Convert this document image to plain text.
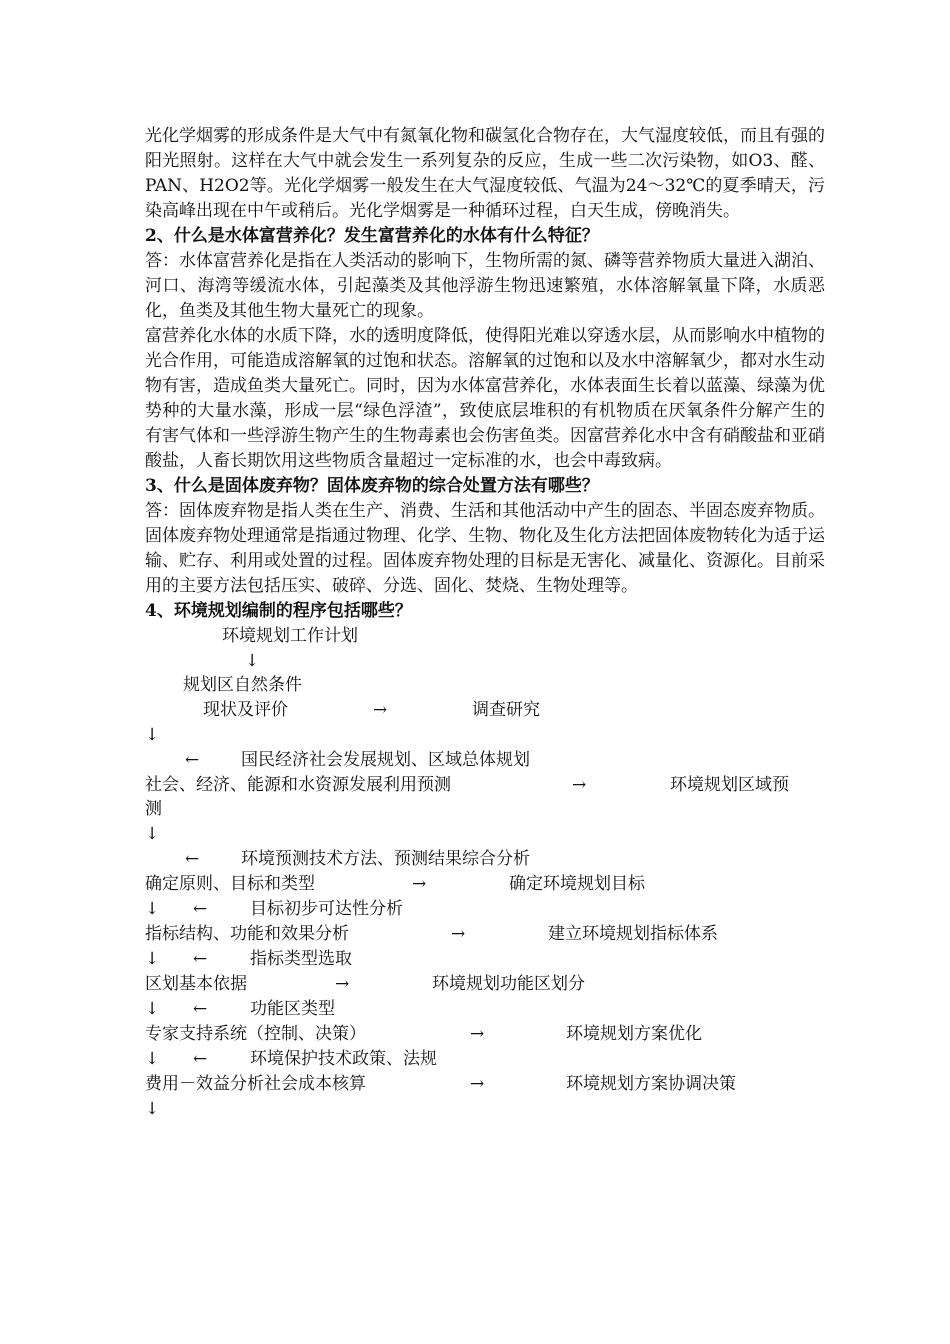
光化学烟雾的形成条件是大气中有氮氧化物和碳氢化合物存在，大气湿度较低，而且有强的阳光照射。这样在大气中就会发生一系列复杂的反应，生成一些二次污染物，如O3、醛、PAN、H2O2等。光化学烟雾一般发生在大气湿度较低、气温为24～32℃的夏季晴天，污染高峰出现在中午或稍后。光化学烟雾是一种循环过程，白天生成，傍晚消失。

2、什么是水体富营养化？发生富营养化的水体有什么特征？

答：水体富营养化是指在人类活动的影响下，生物所需的氮、磷等营养物质大量进入湖泊、河口、海湾等缓流水体，引起藻类及其他浮游生物迅速繁殖，水体溶解氧量下降，水质恶化，鱼类及其他生物大量死亡的现象。

富营养化水体的水质下降，水的透明度降低，使得阳光难以穿透水层，从而影响水中植物的光合作用，可能造成溶解氧的过饱和状态。溶解氧的过饱和以及水中溶解氧少，都对水生动物有害，造成鱼类大量死亡。同时，因为水体富营养化，水体表面生长着以蓝藻、绿藻为优势种的大量水藻，形成一层“绿色浮渣”，致使底层堆积的有机物质在厌氧条件分解产生的有害气体和一些浮游生物产生的生物毒素也会伤害鱼类。因富营养化水中含有硝酸盐和亚硝酸盐，人畜长期饮用这些物质含量超过一定标准的水，也会中毒致病。

3、什么是固体废弃物？固体废弃物的综合处置方法有哪些？

答：固体废弃物是指人类在生产、消费、生活和其他活动中产生的固态、半固态废弃物质。

固体废弃物处理通常是指通过物理、化学、生物、物化及生化方法把固体废物转化为适于运输、贮存、利用或处置的过程。固体废弃物处理的目标是无害化、减量化、资源化。目前采用的主要方法包括压实、破碎、分选、固化、焚烧、生物处理等。

4、环境规划编制的程序包括哪些？

环境规划工作计划
↓
规划区自然条件
现状及评价	→	调查研究
↓
← 国民经济社会发展规划、区域总体规划
社会、经济、能源和水资源发展利用预测	→	环境规划区域预
测
↓
← 环境预测技术方法、预测结果综合分析
确定原则、目标和类型	→	确定环境规划目标
↓ ←	目标初步可达性分析
指标结构、功能和效果分析	→	建立环境规划指标体系
↓ ←	指标类型选取
区划基本依据	→	环境规划功能区划分
↓ ←	功能区类型
专家支持系统（控制、决策）	→	环境规划方案优化
↓ ←	环境保护技术政策、法规
费用－效益分析社会成本核算	→	环境规划方案协调决策
↓
